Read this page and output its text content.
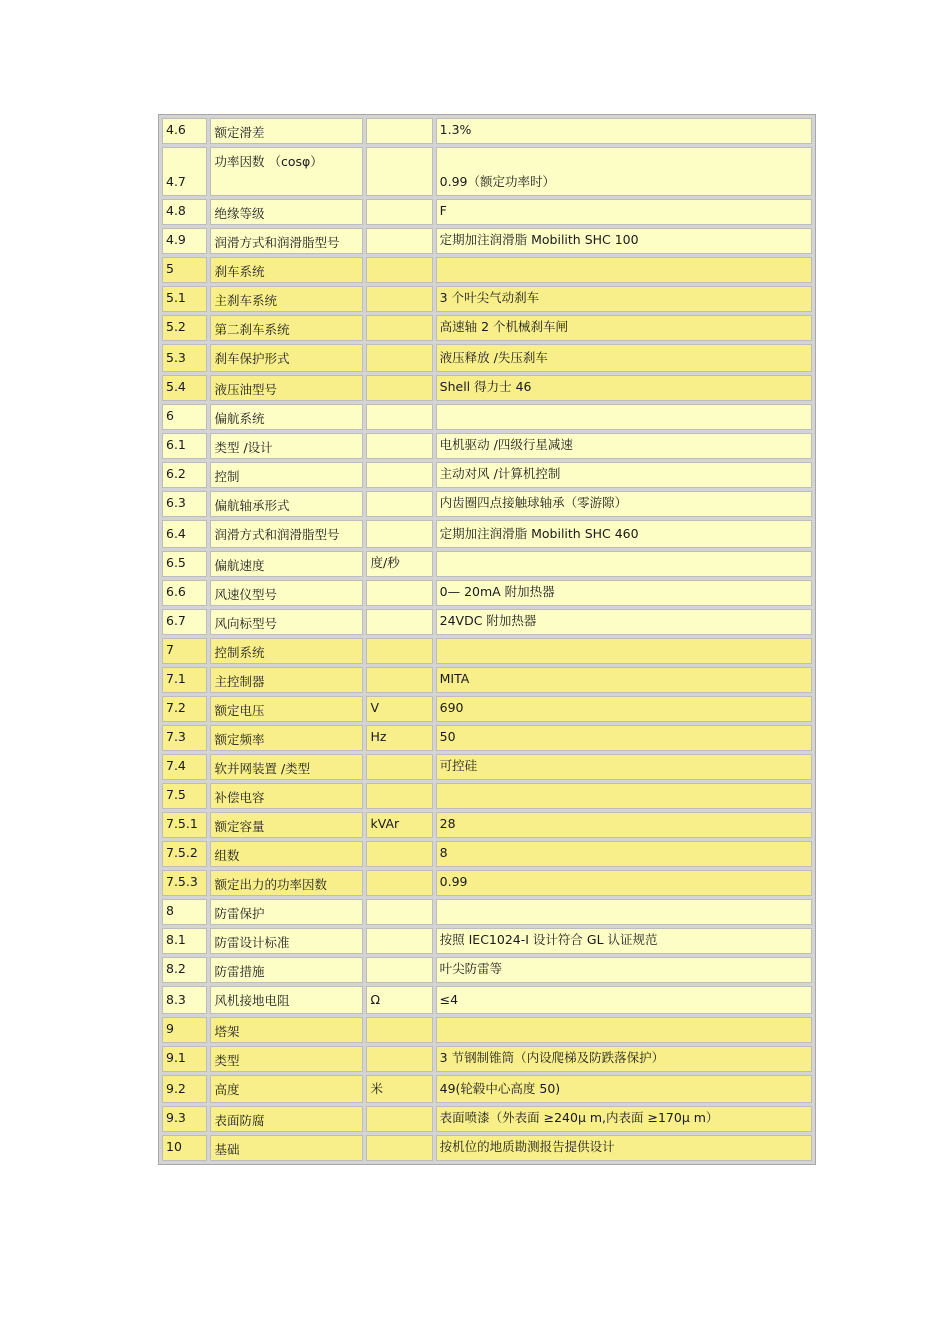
4.6	额定滑差		1.3%
4.7	功率因数 （cosφ）		0.99（额定功率时）
4.8	绝缘等级		F
4.9	润滑方式和润滑脂型号		定期加注润滑脂 Mobilith SHC 100
5	刹车系统		
5.1	主刹车系统		3 个叶尖气动刹车
5.2	第二刹车系统		高速轴 2 个机械刹车闸
5.3	刹车保护形式		液压释放 /失压刹车
5.4	液压油型号		Shell 得力士 46
6	偏航系统		
6.1	类型 /设计		电机驱动 /四级行星减速
6.2	控制		主动对风 /计算机控制
6.3	偏航轴承形式		内齿圈四点接触球轴承（零游隙）
6.4	润滑方式和润滑脂型号		定期加注润滑脂 Mobilith SHC 460
6.5	偏航速度	度/秒	
6.6	风速仪型号		0— 20mA 附加热器
6.7	风向标型号		24VDC 附加热器
7	控制系统		
7.1	主控制器		MITA
7.2	额定电压	V	690
7.3	额定频率	Hz	50
7.4	软并网装置 /类型		可控硅
7.5	补偿电容		
7.5.1	额定容量	kVAr	28
7.5.2	组数		8
7.5.3	额定出力的功率因数		0.99
8	防雷保护		
8.1	防雷设计标准		按照 IEC1024-I 设计符合 GL 认证规范
8.2	防雷措施		叶尖防雷等
8.3	风机接地电阻	Ω	≤4
9	塔架		
9.1	类型		3 节钢制锥筒（内设爬梯及防跌落保护）
9.2	高度	米	49(轮毂中心高度 50)
9.3	表面防腐		表面喷漆（外表面 ≥240μ m,内表面 ≥170μ m）
10	基础		按机位的地质勘测报告提供设计
